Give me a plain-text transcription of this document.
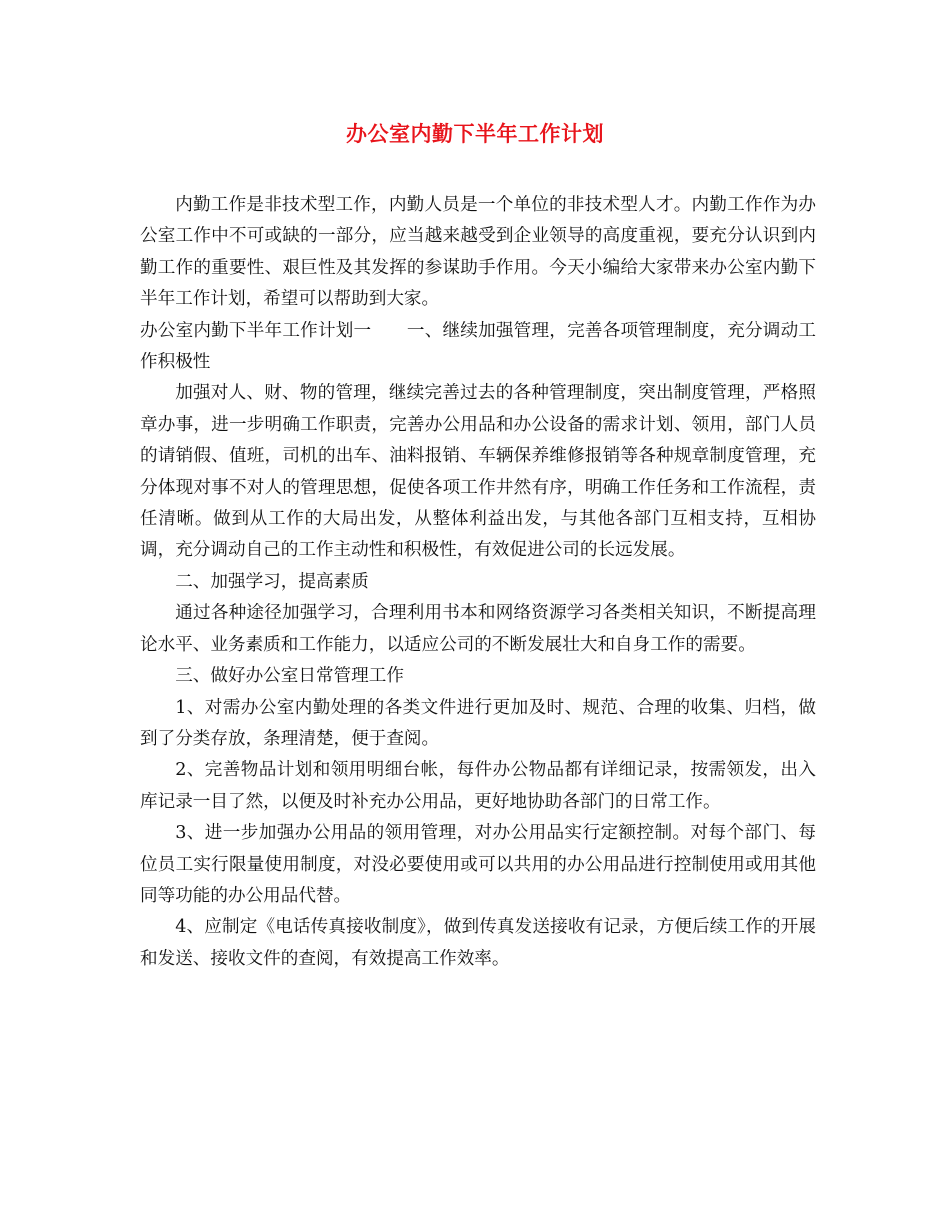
办公室内勤下半年工作计划

内勤工作是非技术型工作，内勤人员是一个单位的非技术型人才。内勤工作作为办公室工作中不可或缺的一部分，应当越来越受到企业领导的高度重视，要充分认识到内勤工作的重要性、艰巨性及其发挥的参谋助手作用。今天小编给大家带来办公室内勤下半年工作计划，希望可以帮助到大家。

办公室内勤下半年工作计划一　　一、继续加强管理，完善各项管理制度，充分调动工作积极性

加强对人、财、物的管理，继续完善过去的各种管理制度，突出制度管理，严格照章办事，进一步明确工作职责，完善办公用品和办公设备的需求计划、领用，部门人员的请销假、值班，司机的出车、油料报销、车辆保养维修报销等各种规章制度管理，充分体现对事不对人的管理思想，促使各项工作井然有序，明确工作任务和工作流程，责任清晰。做到从工作的大局出发，从整体利益出发，与其他各部门互相支持，互相协调，充分调动自己的工作主动性和积极性，有效促进公司的长远发展。

二、加强学习，提高素质

通过各种途径加强学习，合理利用书本和网络资源学习各类相关知识，不断提高理论水平、业务素质和工作能力，以适应公司的不断发展壮大和自身工作的需要。

三、做好办公室日常管理工作

1、对需办公室内勤处理的各类文件进行更加及时、规范、合理的收集、归档，做到了分类存放，条理清楚，便于查阅。

2、完善物品计划和领用明细台帐，每件办公物品都有详细记录，按需领发，出入库记录一目了然，以便及时补充办公用品，更好地协助各部门的日常工作。

3、进一步加强办公用品的领用管理，对办公用品实行定额控制。对每个部门、每位员工实行限量使用制度，对没必要使用或可以共用的办公用品进行控制使用或用其他同等功能的办公用品代替。

4、应制定《电话传真接收制度》，做到传真发送接收有记录，方便后续工作的开展和发送、接收文件的查阅，有效提高工作效率。
